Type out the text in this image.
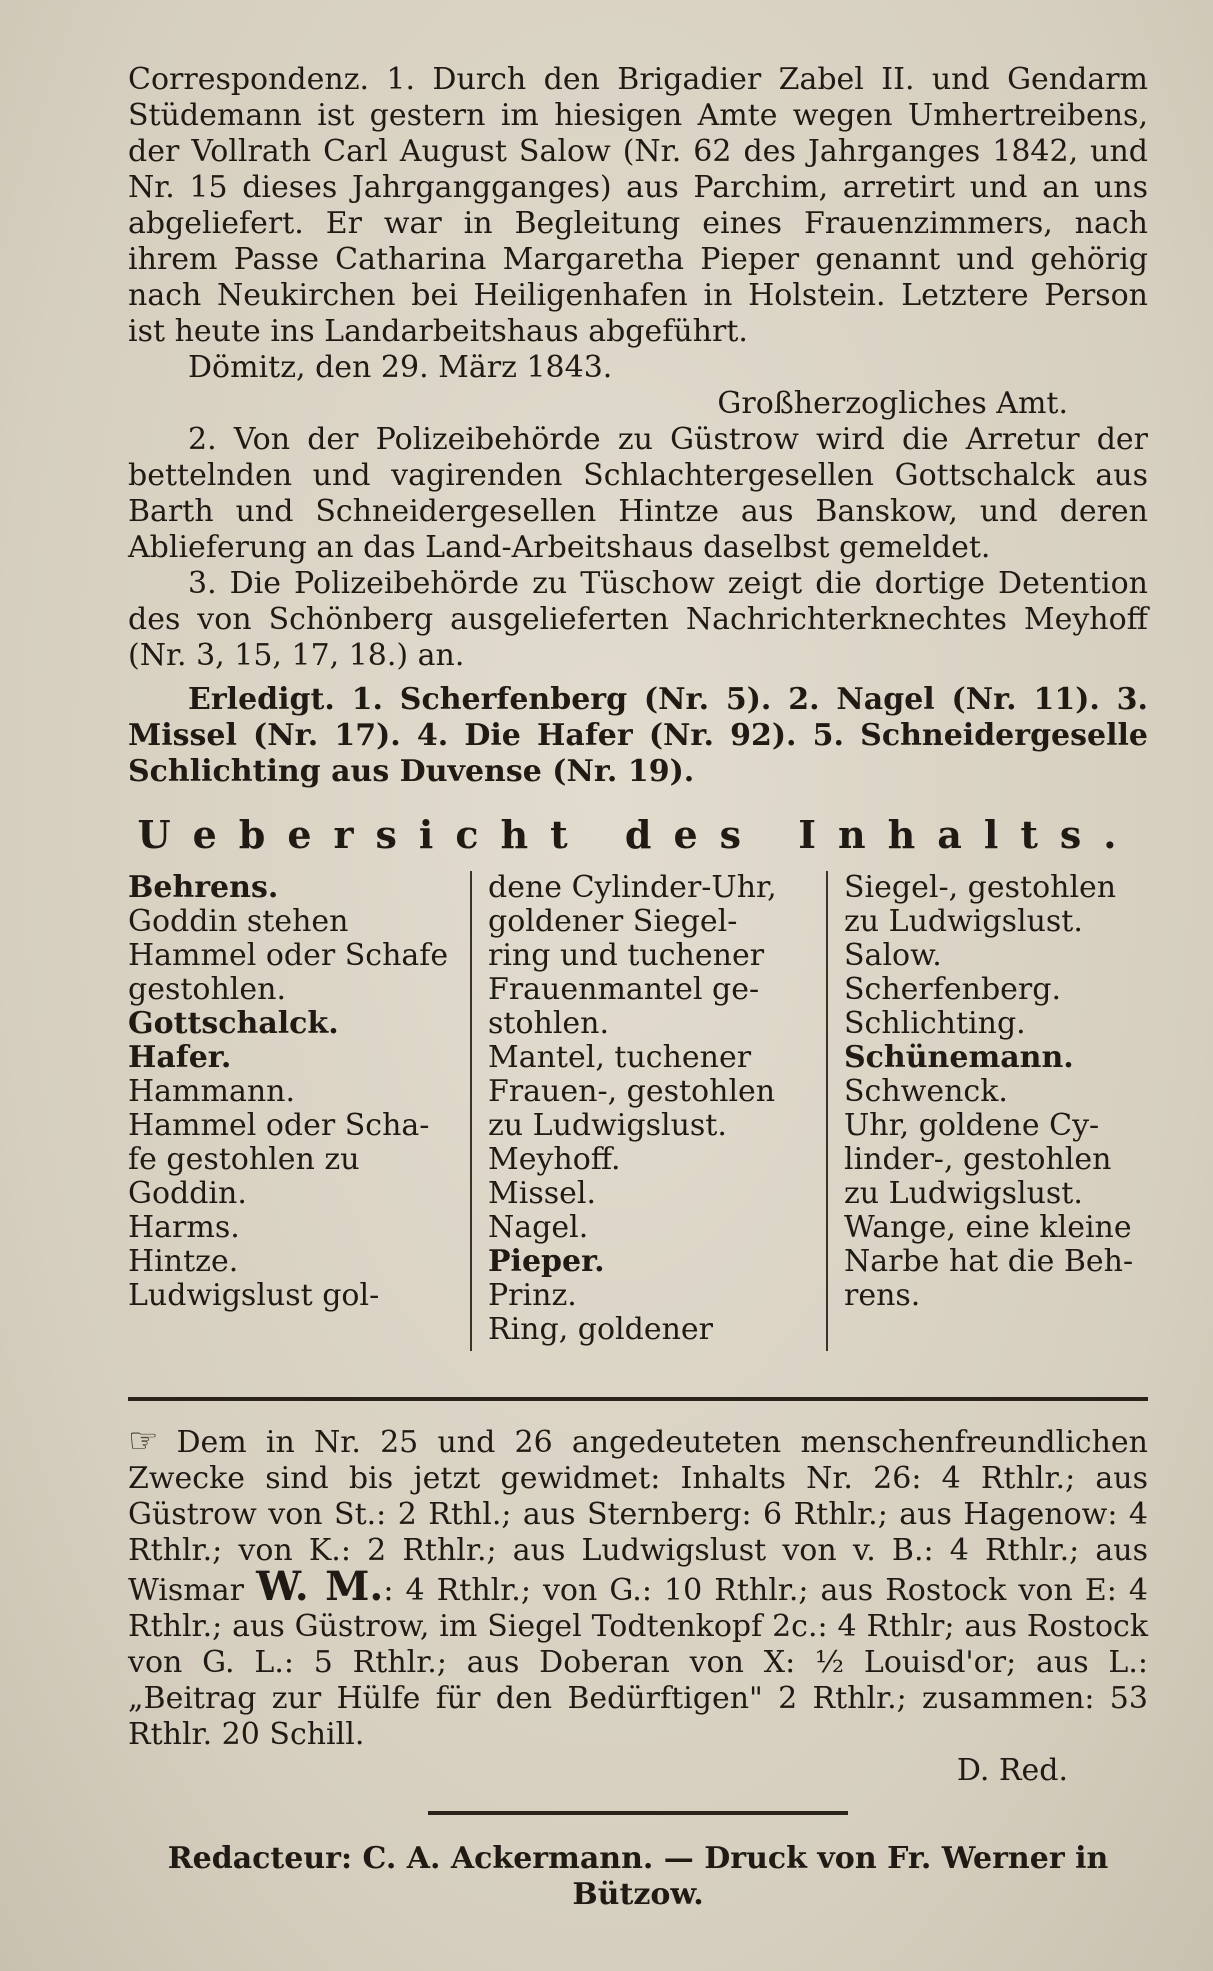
Correspondenz. 1. Durch den Brigadier Zabel II. und Gendarm Stüdemann ist gestern im hiesigen Amte wegen Umhertreibens, der Vollrath Carl August Salow (Nr. 62 des Jahrganges 1842, und Nr. 15 dieses Jahrgangganges) aus Parchim, arretirt und an uns abgeliefert. Er war in Begleitung eines Frauenzimmers, nach ihrem Passe Catharina Margaretha Pieper genannt und gehörig nach Neukirchen bei Heiligenhafen in Holstein. Letztere Person ist heute ins Landarbeitshaus abgeführt.

Dömitz, den 29. März 1843.

Großherzogliches Amt.

2. Von der Polizeibehörde zu Güstrow wird die Arretur der bettelnden und vagirenden Schlachtergesellen Gottschalck aus Barth und Schneidergesellen Hintze aus Banskow, und deren Ablieferung an das Land-Arbeitshaus daselbst gemeldet.

3. Die Polizeibehörde zu Tüschow zeigt die dortige Detention des von Schönberg ausgelieferten Nachrichterknechtes Meyhoff (Nr. 3, 15, 17, 18.) an.

Erledigt. 1. Scherfenberg (Nr. 5). 2. Nagel (Nr. 11). 3. Missel (Nr. 17). 4. Die Hafer (Nr. 92). 5. Schneidergeselle Schlichting aus Duvense (Nr. 19).

Uebersicht des Inhalts.
Behrens.
Goddin stehen
Hammel oder Schafe
gestohlen.
Gottschalck.
Hafer.
Hammann.
Hammel oder Scha-
fe gestohlen zu
Goddin.
Harms.
Hintze.
Ludwigslust gol-
dene Cylinder-Uhr,
goldener Siegel-
ring und tuchener
Frauenmantel ge-
stohlen.
Mantel, tuchener
Frauen-, gestohlen
zu Ludwigslust.
Meyhoff.
Missel.
Nagel.
Pieper.
Prinz.
Ring, goldener
Siegel-, gestohlen
zu Ludwigslust.
Salow.
Scherfenberg.
Schlichting.
Schünemann.
Schwenck.
Uhr, goldene Cy-
linder-, gestohlen
zu Ludwigslust.
Wange, eine kleine
Narbe hat die Beh-
rens.

☞ Dem in Nr. 25 und 26 angedeuteten menschenfreundlichen Zwecke sind bis jetzt gewidmet: Inhalts Nr. 26: 4 Rthlr.; aus Güstrow von St.: 2 Rthl.; aus Sternberg: 6 Rthlr.; aus Hagenow: 4 Rthlr.; von K.: 2 Rthlr.; aus Ludwigslust von v. B.: 4 Rthlr.; aus Wismar W. M.: 4 Rthlr.; von G.: 10 Rthlr.; aus Rostock von E: 4 Rthlr.; aus Güstrow, im Siegel Todtenkopf 2c.: 4 Rthlr; aus Rostock von G. L.: 5 Rthlr.; aus Doberan von X: ½ Louisd'or; aus L.: „Beitrag zur Hülfe für den Bedürftigen" 2 Rthlr.; zusammen: 53 Rthlr. 20 Schill.

D. Red.

Redacteur: C. A. Ackermann. — Druck von Fr. Werner in Bützow.
